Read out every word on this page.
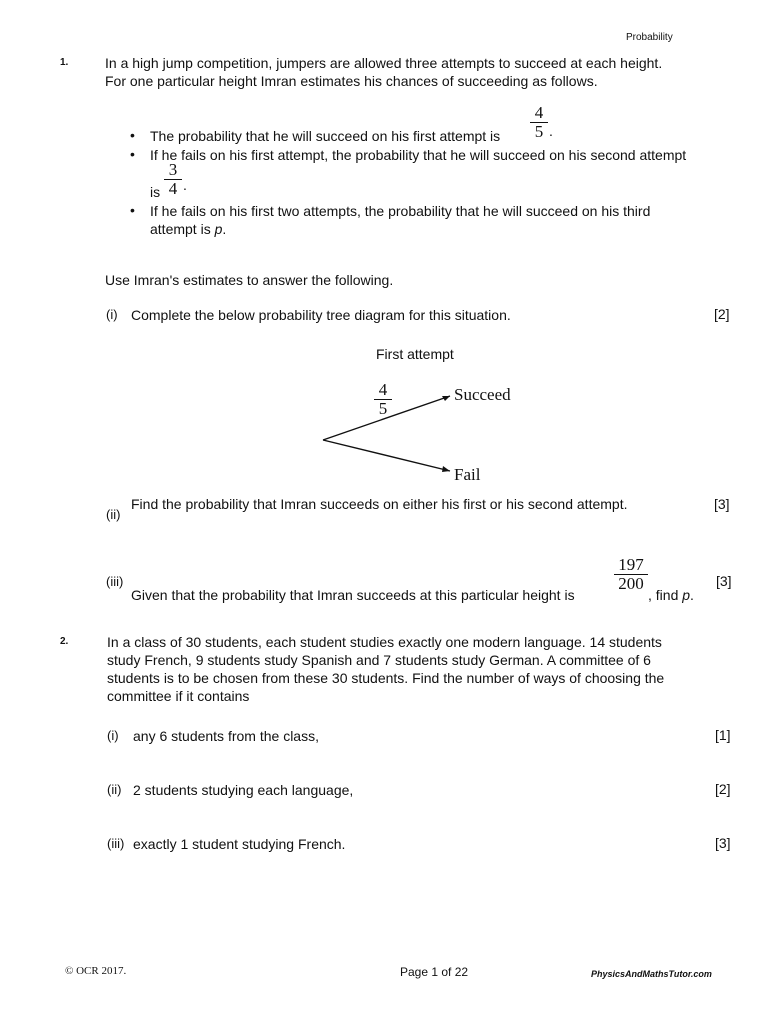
Probability
1.	In a high jump competition, jumpers are allowed three attempts to succeed at each height.
For one particular height Imran estimates his chances of succeeding as follows.
• The probability that he will succeed on his first attempt is $\frac{4}{5}$ .
• If he fails on his first attempt, the probability that he will succeed on his second attempt
is $\frac{3}{4}$ .
• If he fails on his first two attempts, the probability that he will succeed on his third
attempt is p.
Use Imran's estimates to answer the following.
(i) Complete the below probability tree diagram for this situation.	[2]
First attempt
$\frac{4}{5}$	Succeed
Fail
(ii)
Find the probability that Imran succeeds on either his first or his second attempt.	[3]
(iii)
Given that the probability that Imran succeeds at this particular height is
$\frac{197}{200}$
, find p.
[3]
2.	In a class of 30 students, each student studies exactly one modern language. 14 students
study French, 9 students study Spanish and 7 students study German. A committee of 6
students is to be chosen from these 30 students. Find the number of ways of choosing the
committee if it contains
(i) any 6 students from the class,	[1]
(ii) 2 students studying each language,	[2]
(iii) exactly 1 student studying French.	[3]
© OCR 2017.	Page 1 of 22	PhysicsAndMathsTutor.com
